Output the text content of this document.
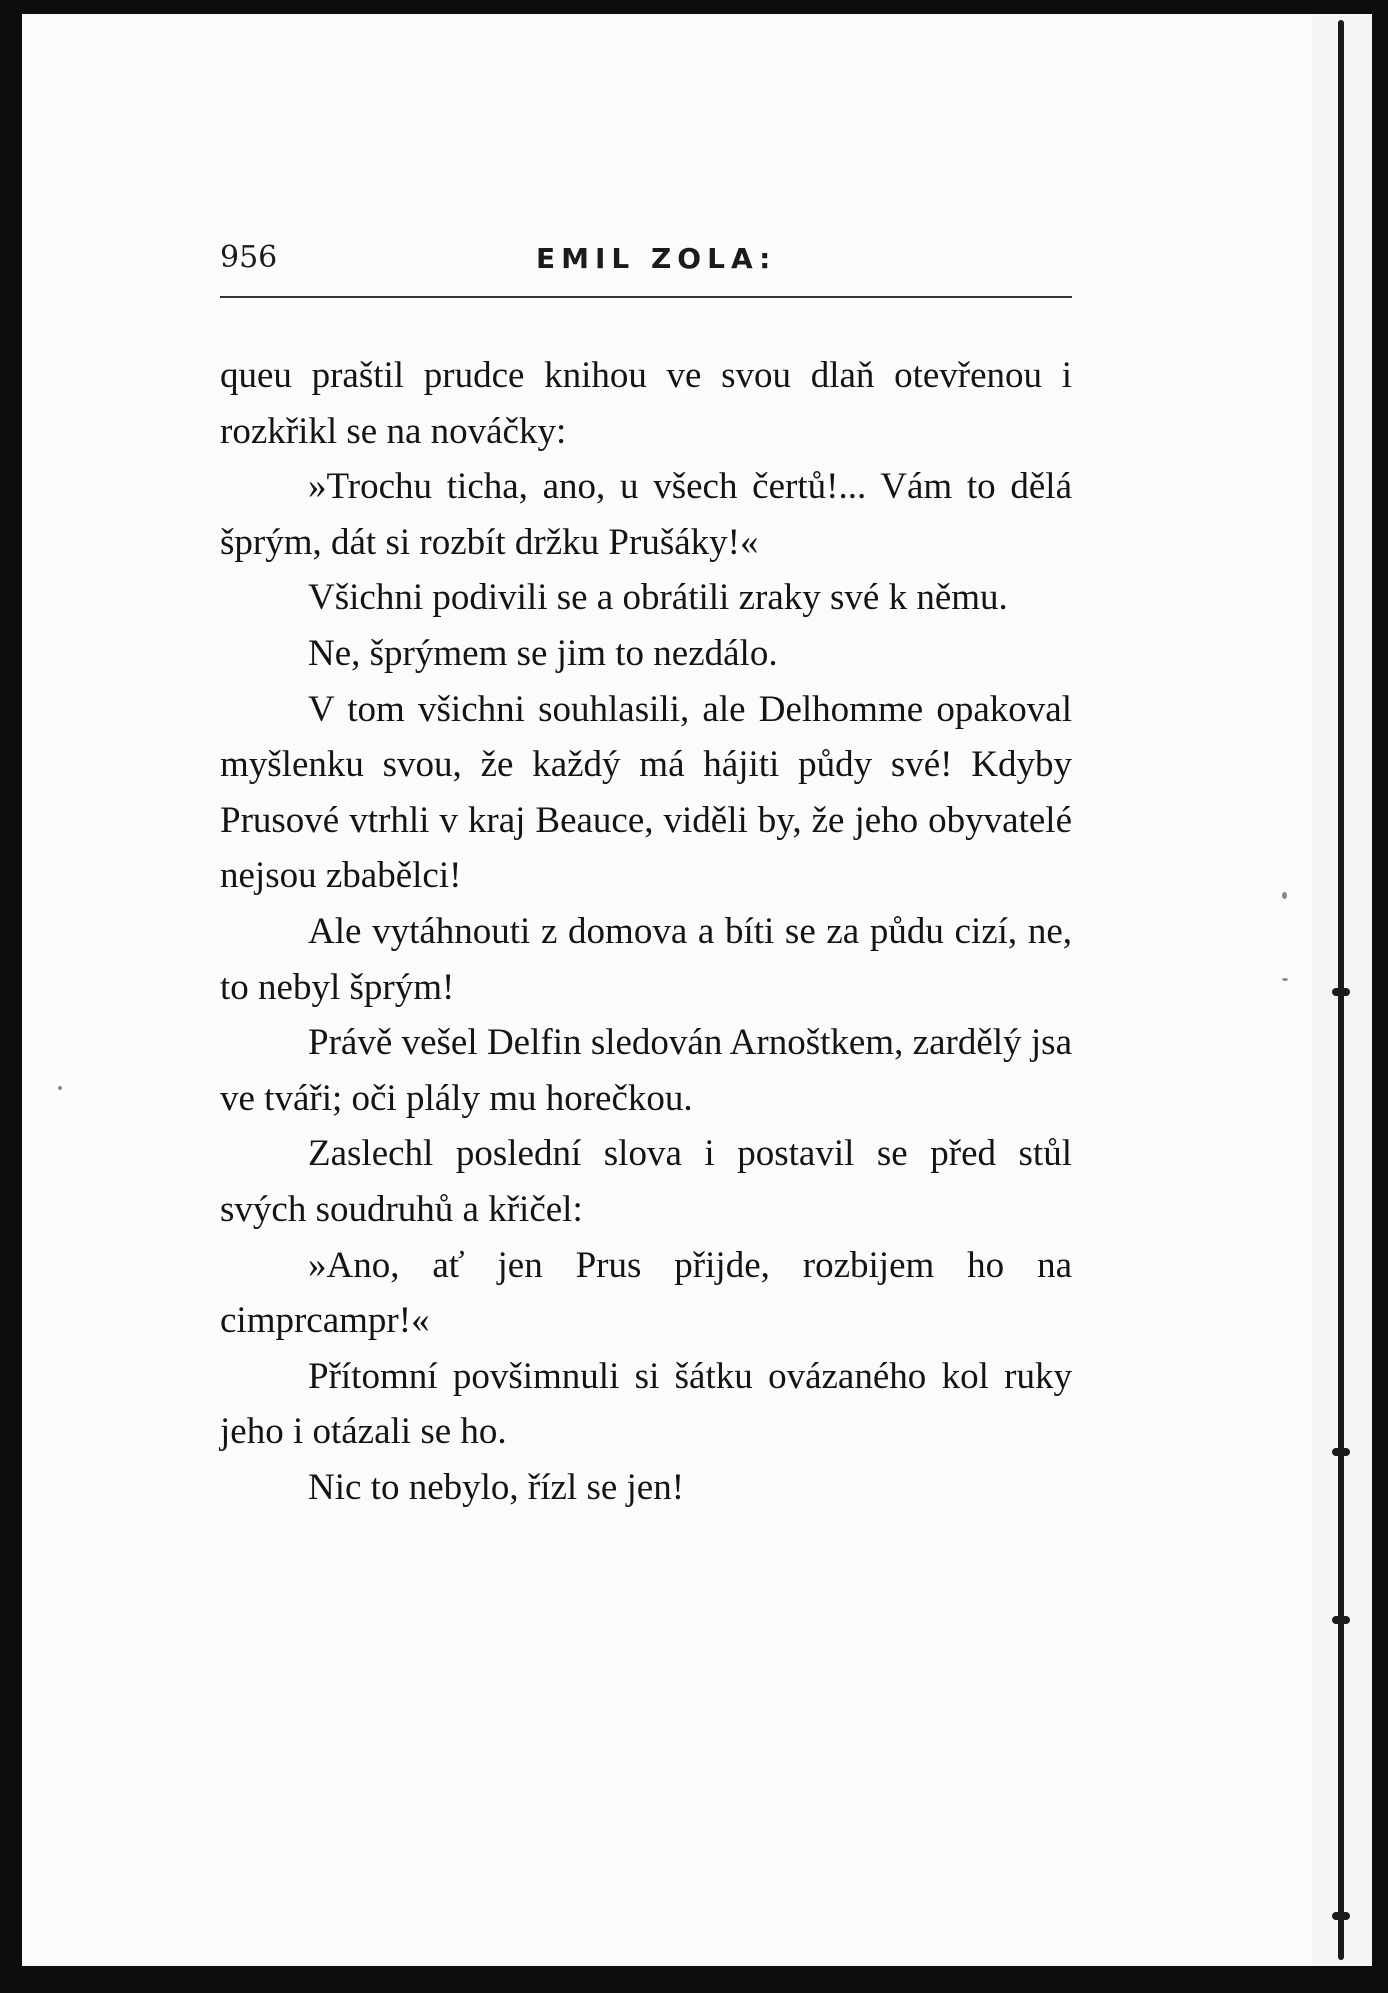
956	EMIL ZOLA:

queu praštil prudce knihou ve svou dlaň otevřenou i rozkřikl se na nováčky:

»Trochu ticha, ano, u všech čertů!... Vám to dělá šprým, dát si rozbít držku Prušáky!«

Všichni podivili se a obrátili zraky své k němu.

Ne, šprýmem se jim to nezdálo.

V tom všichni souhlasili, ale Delhomme opakoval myšlenku svou, že každý má hájiti půdy své! Kdyby Prusové vtrhli v kraj Beauce, viděli by, že jeho obyvatelé nejsou zbabělci!

Ale vytáhnouti z domova a bíti se za půdu cizí, ne, to nebyl šprým!

Právě vešel Delfin sledován Arnoštkem, zardělý jsa ve tváři; oči plály mu horečkou.

Zaslechl poslední slova i postavil se před stůl svých soudruhů a křičel:

»Ano, ať jen Prus přijde, rozbijem ho na cimprcampr!«

Přítomní povšimnuli si šátku ovázaného kol ruky jeho i otázali se ho.

Nic to nebylo, řízl se jen!
